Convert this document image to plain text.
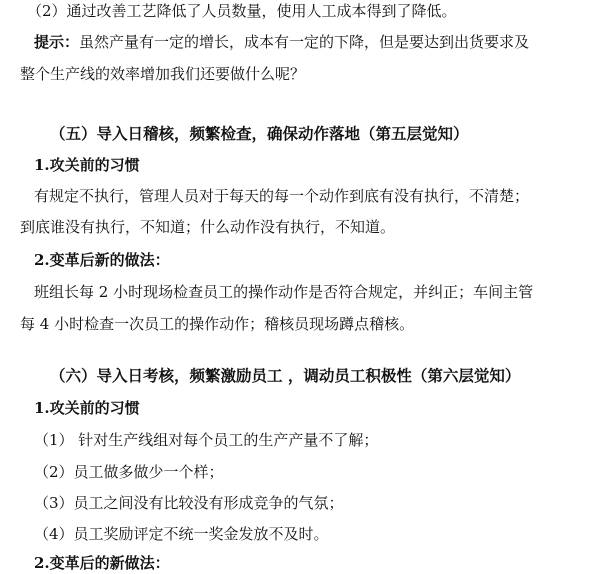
（2）通过改善工艺降低了人员数量，使用人工成本得到了降低。
提示：虽然产量有一定的增长，成本有一定的下降，但是要达到出货要求及
整个生产线的效率增加我们还要做什么呢？
（五）导入日稽核，频繁检查，确保动作落地（第五层觉知）
1.攻关前的习惯
有规定不执行，管理人员对于每天的每一个动作到底有没有执行，不清楚；
到底谁没有执行，不知道；什么动作没有执行，不知道。
2.变革后新的做法：
班组长每 2 小时现场检查员工的操作动作是否符合规定，并纠正；车间主管
每 4 小时检查一次员工的操作动作；稽核员现场蹲点稽核。
（六）导入日考核，频繁激励员工 ，调动员工积极性（第六层觉知）
1.攻关前的习惯
（1） 针对生产线组对每个员工的生产产量不了解；
（2）员工做多做少一个样；
（3）员工之间没有比较没有形成竞争的气氛；
（4）员工奖励评定不统一奖金发放不及时。
2.变革后的新做法：
